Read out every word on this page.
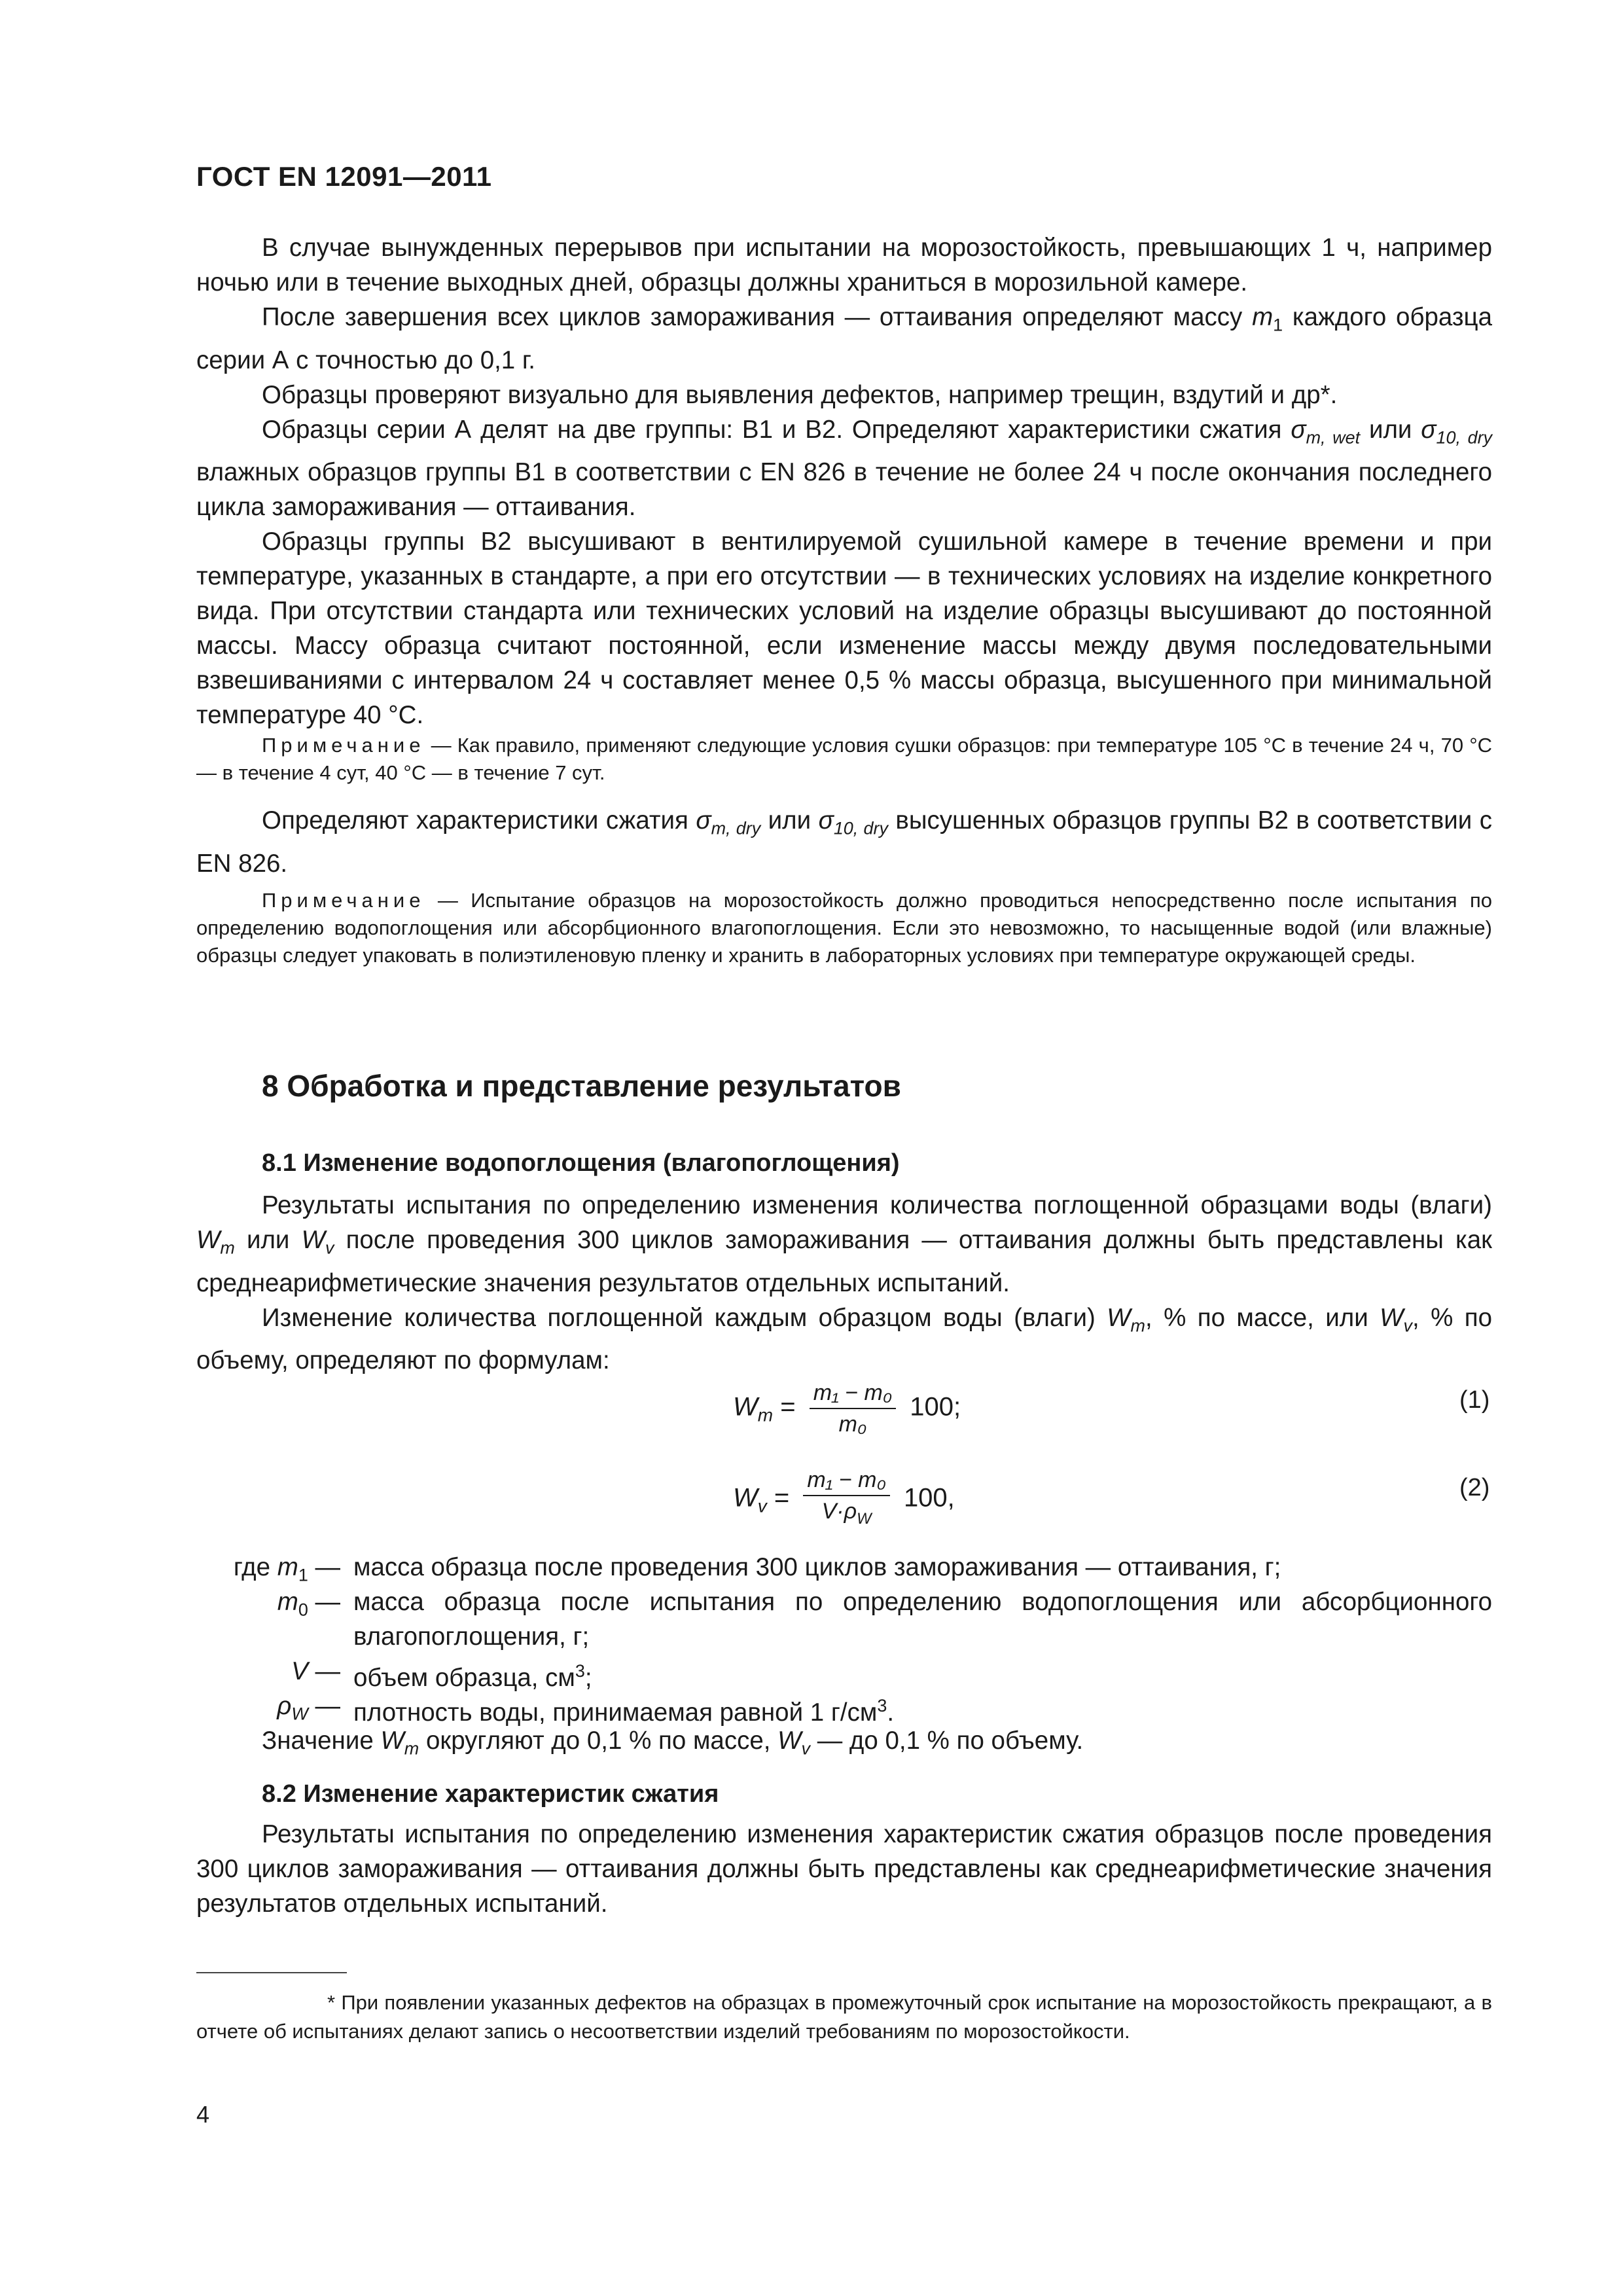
ГОСТ EN 12091—2011

В случае вынужденных перерывов при испытании на морозостойкость, превышающих 1 ч, например ночью или в течение выходных дней, образцы должны храниться в морозильной камере.

После завершения всех циклов замораживания — оттаивания определяют массу $m_1$ каждого образца серии А с точностью до 0,1 г.

Образцы проверяют визуально для выявления дефектов, например трещин, вздутий и др*.

Образцы серии А делят на две группы: В1 и В2. Определяют характеристики сжатия $\sigma_{m, wet}$ или $\sigma_{10, dry}$ влажных образцов группы В1 в соответствии с EN 826 в течение не более 24 ч после окончания последнего цикла замораживания — оттаивания.

Образцы группы В2 высушивают в вентилируемой сушильной камере в течение времени и при температуре, указанных в стандарте, а при его отсутствии — в технических условиях на изделие конкретного вида. При отсутствии стандарта или технических условий на изделие образцы высушивают до постоянной массы. Массу образца считают постоянной, если изменение массы между двумя последовательными взвешиваниями с интервалом 24 ч составляет менее 0,5 % массы образца, высушенного при минимальной температуре 40 °С.

Примечание — Как правило, применяют следующие условия сушки образцов: при температуре 105 °С в течение 24 ч, 70 °С — в течение 4 сут, 40 °С — в течение 7 сут.

Определяют характеристики сжатия $\sigma_{m, dry}$ или $\sigma_{10, dry}$ высушенных образцов группы В2 в соответствии с EN 826.

Примечание — Испытание образцов на морозостойкость должно проводиться непосредственно после испытания по определению водопоглощения или абсорбционного влагопоглощения. Если это невозможно, то насыщенные водой (или влажные) образцы следует упаковать в полиэтиленовую пленку и хранить в лабораторных условиях при температуре окружающей среды.

8 Обработка и представление результатов
8.1 Изменение водопоглощения (влагопоглощения)

Результаты испытания по определению изменения количества поглощенной образцами воды (влаги) $W_m$ или $W_v$ после проведения 300 циклов замораживания — оттаивания должны быть представлены как среднеарифметические значения результатов отдельных испытаний.

Изменение количества поглощенной каждым образцом воды (влаги) $W_m$, % по массе, или $W_v$, % по объему, определяют по формулам:

$W_m = \frac{\text{m₁ − m₀}}{\text{m₀}} 100$;	(1)
$W_v = \frac{\text{m₁ − m₀}}{V\cdot\rho_W} 100$,	(2)
где $m_1$ — масса образца после проведения 300 циклов замораживания — оттаивания, г;
$m_0$ — масса образца после испытания по определению водопоглощения или абсорбционного влагопоглощения, г;
V — объем образца, $см^3$;
$\rho_W$ — плотность воды, принимаемая равной 1 $г/см^3$.

Значение $W_m$ округляют до 0,1 % по массе, $W_v$ — до 0,1 % по объему.

8.2 Изменение характеристик сжатия

Результаты испытания по определению изменения характеристик сжатия образцов после проведения 300 циклов замораживания — оттаивания должны быть представлены как среднеарифметические значения результатов отдельных испытаний.

* При появлении указанных дефектов на образцах в промежуточный срок испытание на морозостойкость прекращают, а в отчете об испытаниях делают запись о несоответствии изделий требованиям по морозостойкости.
4
